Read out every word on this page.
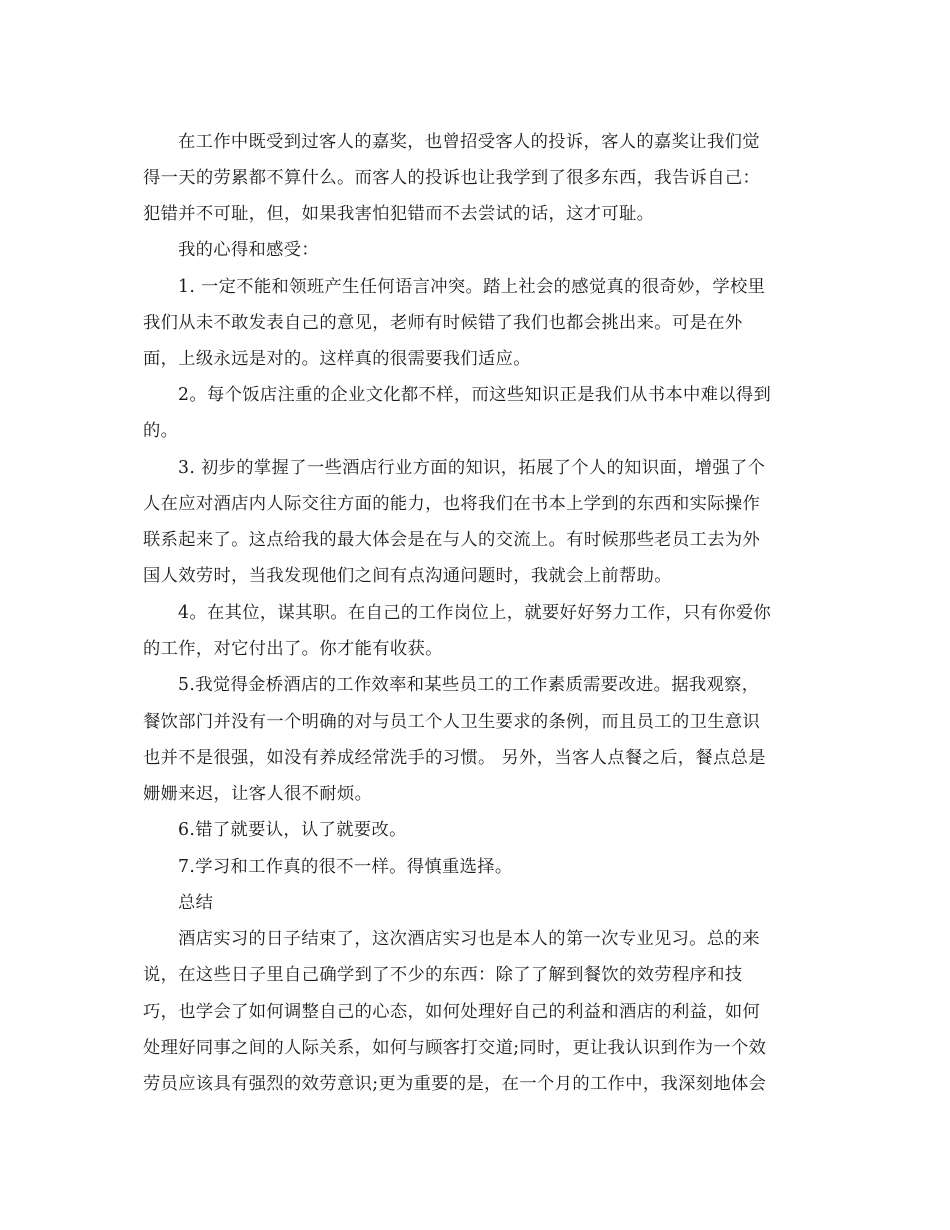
在工作中既受到过客人的嘉奖，也曾招受客人的投诉，客人的嘉奖让我们觉
得一天的劳累都不算什么。而客人的投诉也让我学到了很多东西，我告诉自己：
犯错并不可耻，但，如果我害怕犯错而不去尝试的话，这才可耻。
我的心得和感受：
1. 一定不能和领班产生任何语言冲突。踏上社会的感觉真的很奇妙，学校里
我们从未不敢发表自己的意见，老师有时候错了我们也都会挑出来。可是在外
面，上级永远是对的。这样真的很需要我们适应。
2。每个饭店注重的企业文化都不样，而这些知识正是我们从书本中难以得到
的。
3. 初步的掌握了一些酒店行业方面的知识，拓展了个人的知识面，增强了个
人在应对酒店内人际交往方面的能力，也将我们在书本上学到的东西和实际操作
联系起来了。这点给我的最大体会是在与人的交流上。有时候那些老员工去为外
国人效劳时，当我发现他们之间有点沟通问题时，我就会上前帮助。
4。在其位，谋其职。在自己的工作岗位上，就要好好努力工作，只有你爱你
的工作，对它付出了。你才能有收获。
5.我觉得金桥酒店的工作效率和某些员工的工作素质需要改进。据我观察，
餐饮部门并没有一个明确的对与员工个人卫生要求的条例，而且员工的卫生意识
也并不是很强，如没有养成经常洗手的习惯。 另外，当客人点餐之后，餐点总是
姗姗来迟，让客人很不耐烦。
6.错了就要认，认了就要改。
7.学习和工作真的很不一样。得慎重选择。
总结
酒店实习的日子结束了，这次酒店实习也是本人的第一次专业见习。总的来
说，在这些日子里自己确学到了不少的东西：除了了解到餐饮的效劳程序和技
巧，也学会了如何调整自己的心态，如何处理好自己的利益和酒店的利益，如何
处理好同事之间的人际关系，如何与顾客打交道;同时，更让我认识到作为一个效
劳员应该具有强烈的效劳意识;更为重要的是，在一个月的工作中，我深刻地体会
